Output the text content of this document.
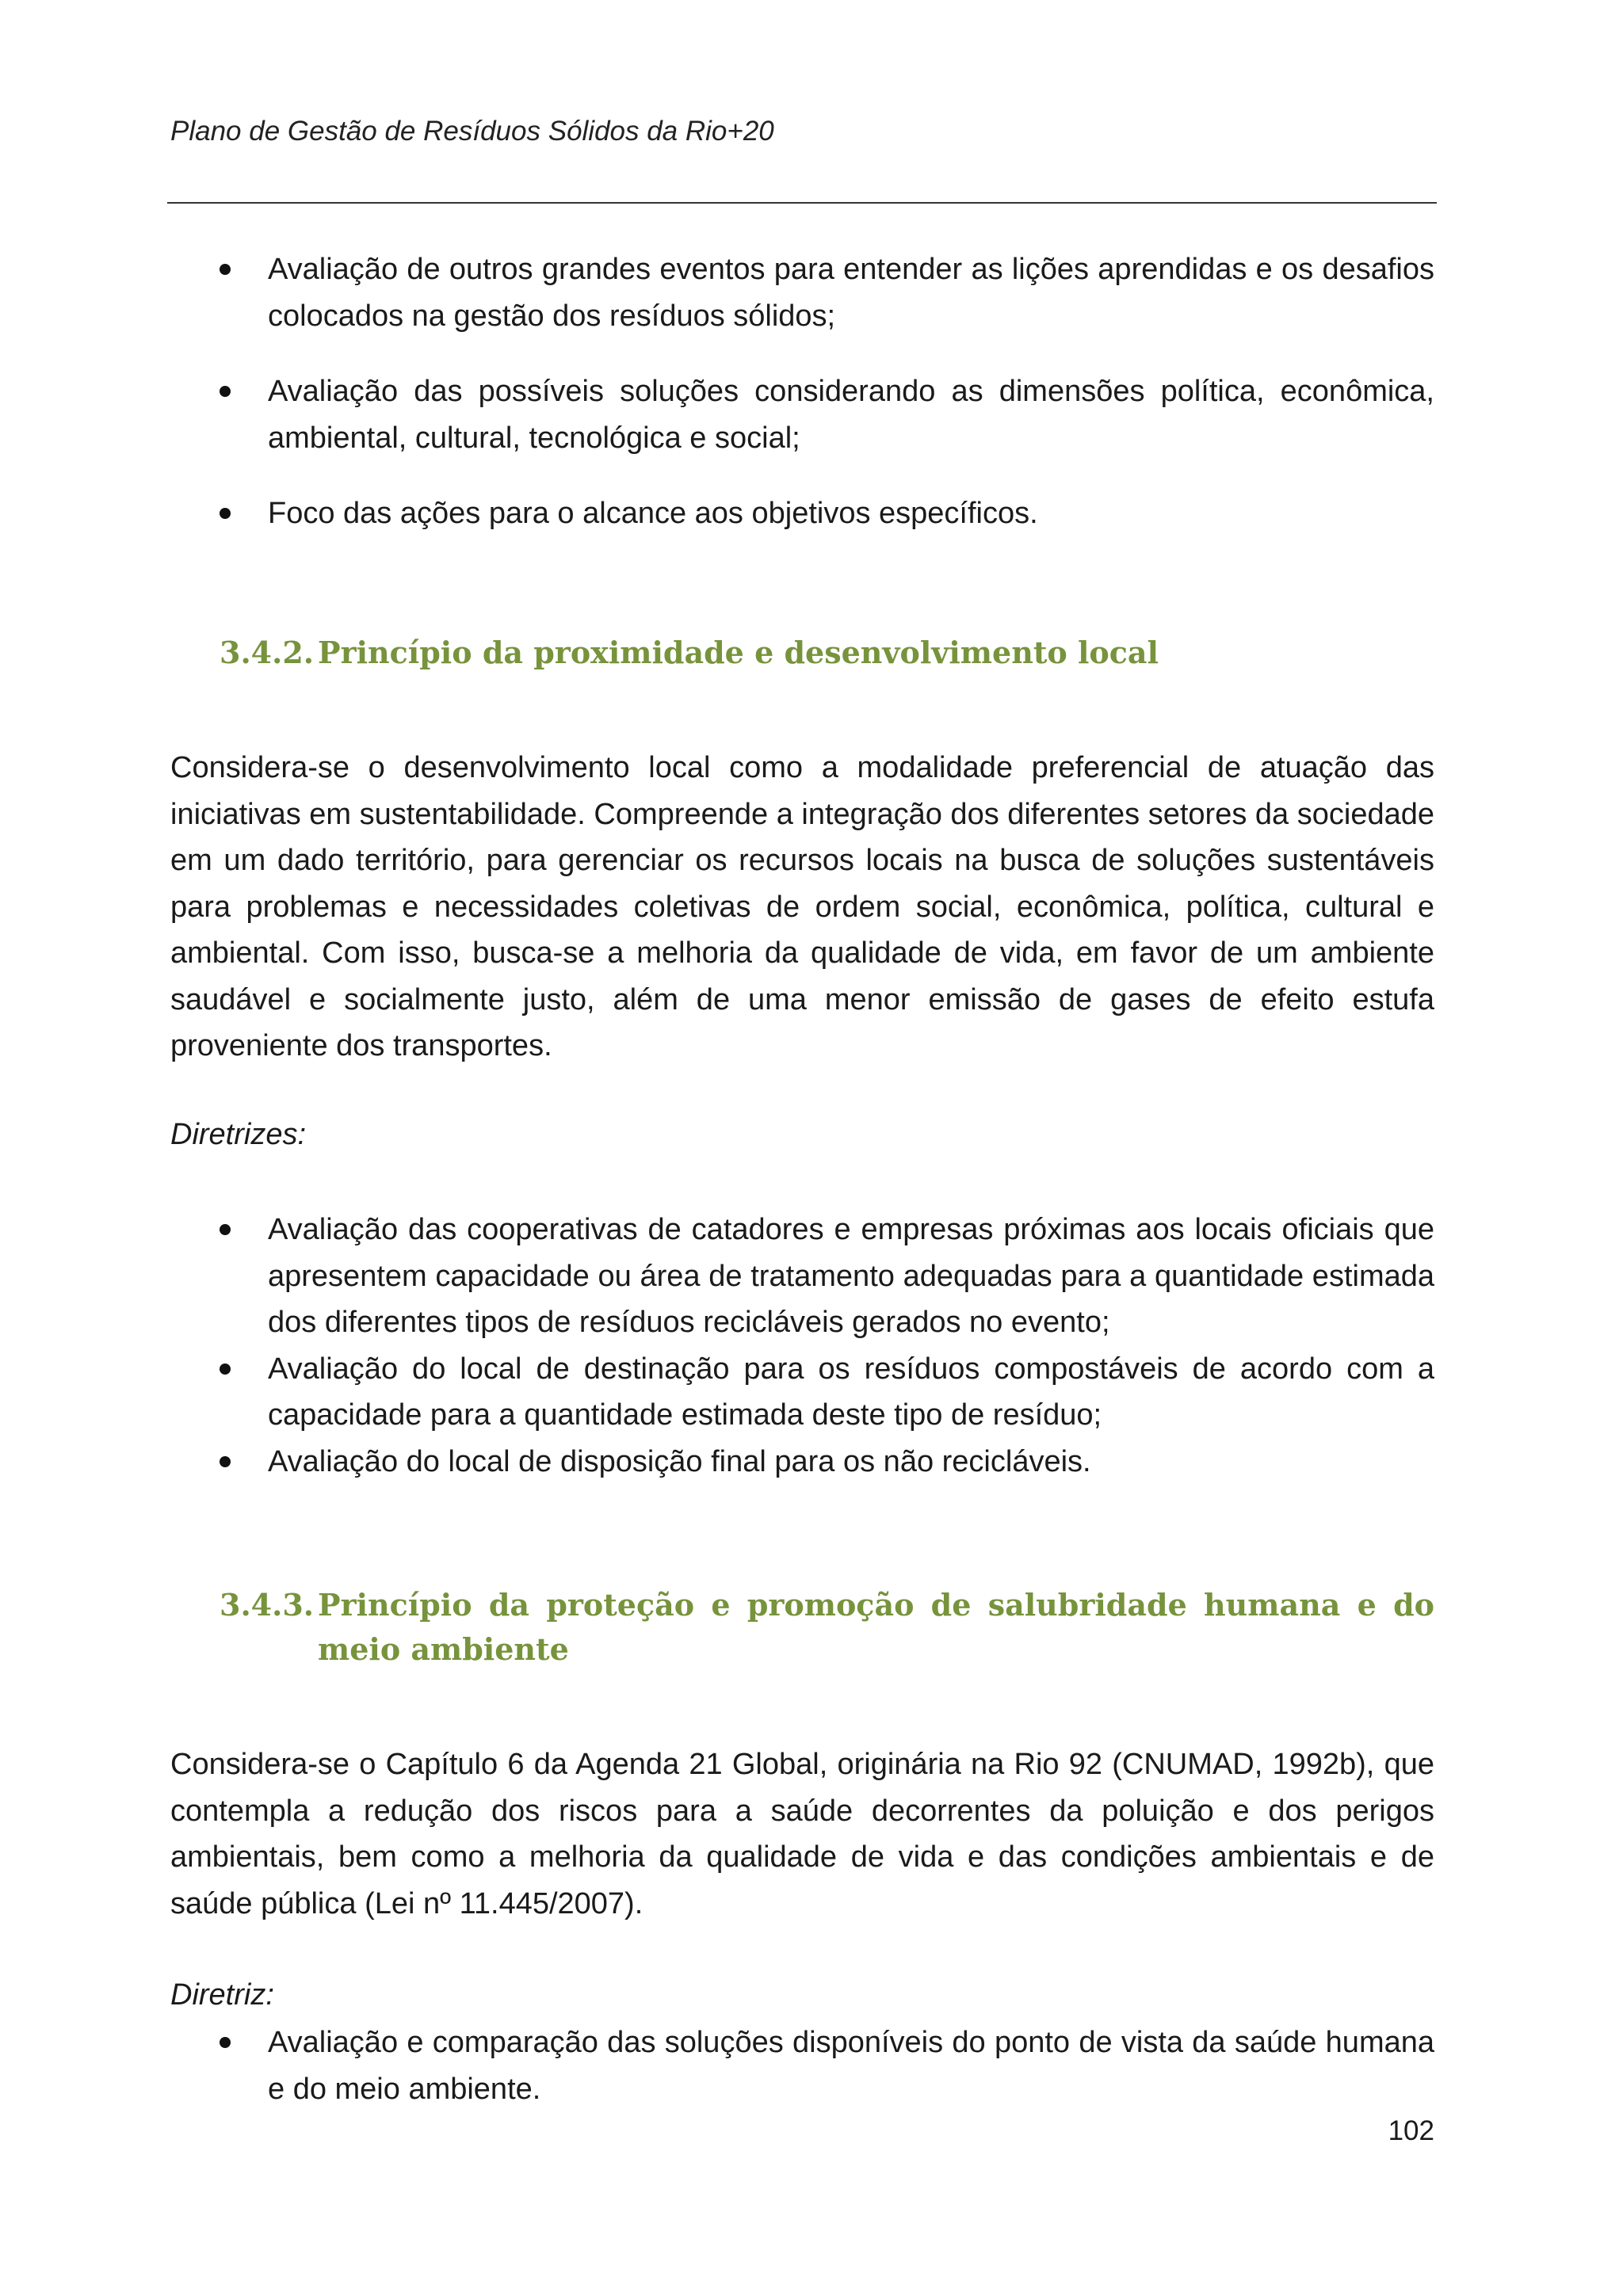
Plano de Gestão de Resíduos Sólidos da Rio+20
Avaliação de outros grandes eventos para entender as lições aprendidas e os desafios colocados na gestão dos resíduos sólidos;
Avaliação das possíveis soluções considerando as dimensões política, econômica, ambiental, cultural, tecnológica e social;
Foco das ações para o alcance aos objetivos específicos.
3.4.2. Princípio da proximidade e desenvolvimento local
Considera-se o desenvolvimento local como a modalidade preferencial de atuação das iniciativas em sustentabilidade. Compreende a integração dos diferentes setores da sociedade em um dado território, para gerenciar os recursos locais na busca de soluções sustentáveis para problemas e necessidades coletivas de ordem social, econômica, política, cultural e ambiental. Com isso, busca-se a melhoria da qualidade de vida, em favor de um ambiente saudável e socialmente justo, além de uma menor emissão de gases de efeito estufa proveniente dos transportes.
Diretrizes:
Avaliação das cooperativas de catadores e empresas próximas aos locais oficiais que apresentem capacidade ou área de tratamento adequadas para a quantidade estimada dos diferentes tipos de resíduos recicláveis gerados no evento;
Avaliação do local de destinação para os resíduos compostáveis de acordo com a capacidade para a quantidade estimada deste tipo de resíduo;
Avaliação do local de disposição final para os não recicláveis.
3.4.3. Princípio da proteção e promoção de salubridade humana e do meio ambiente
Considera-se o Capítulo 6 da Agenda 21 Global, originária na Rio 92 (CNUMAD, 1992b), que contempla a redução dos riscos para a saúde decorrentes da poluição e dos perigos ambientais, bem como a melhoria da qualidade de vida e das condições ambientais e de saúde pública (Lei nº 11.445/2007).
Diretriz:
Avaliação e comparação das soluções disponíveis do ponto de vista da saúde humana e do meio ambiente.
102
